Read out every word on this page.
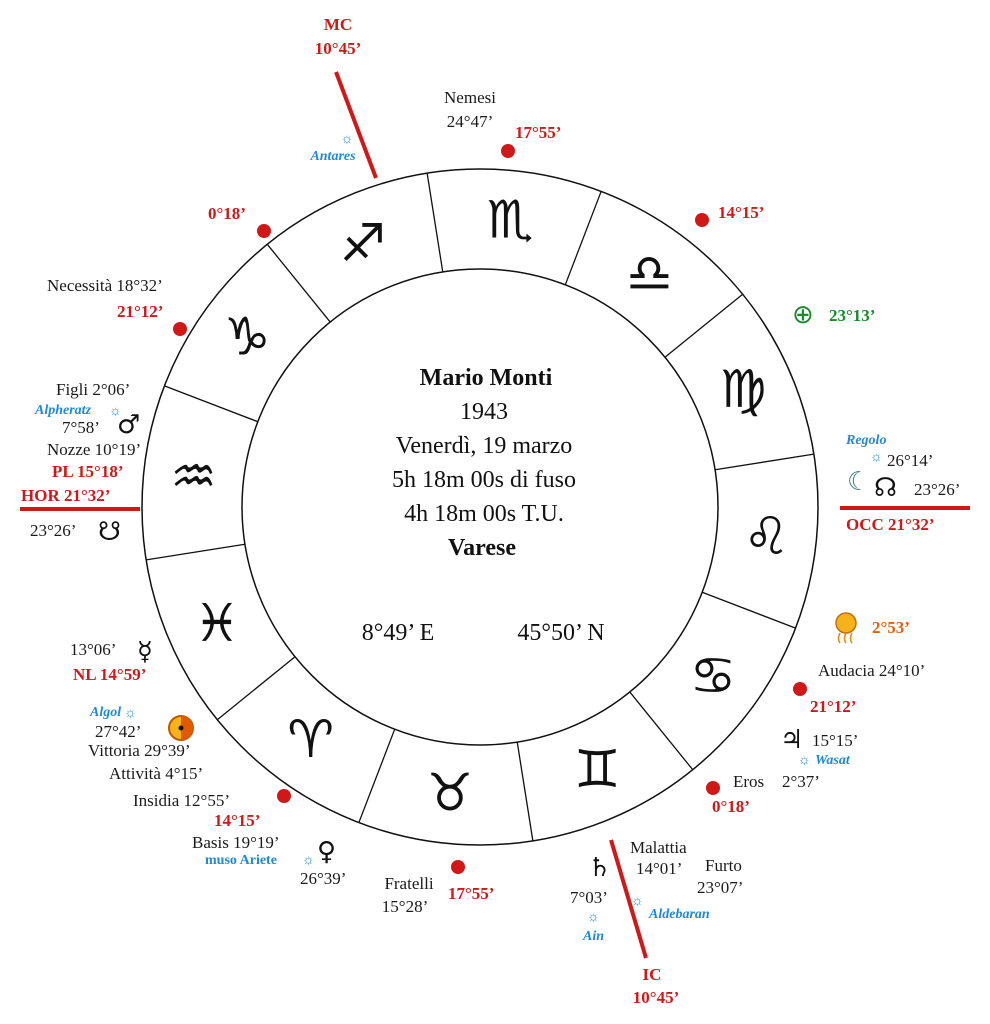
♏
♎
♍
♌
♋
♊
♉
♈
♓
♒
♑
♐
Mario Monti
1943
Venerdì, 19 marzo
5h 18m 00s di fuso
4h 18m 00s T.U.
Varese
8°49’ E	45°50’ N
MC
10°45’
IC
10°45’
HOR 21°32’
OCC 21°32’
17°55’
14°15’
0°18’
21°12’
21°12’
0°18’
14°15’
17°55’
Nemesi
24°47’
☼
Antares
Necessità 18°32’
Figli 2°06’
Alpheratz ☼
7°58’ ♂
Nozze 10°19’
PL 15°18’
23°26’ ☋
⊕ 23°13’
Regolo
☼ 26°14’
☾ ☊ 23°26’
2°53’
Audacia 24°10’
♃ 15°15’
☼ Wasat
Eros 2°37’
Malattia
14°01’ Furto
23°07’
♄
7°03’ ☼
Aldebaran
☼
Ain
Fratelli
15°28’
Basis 19°19’ ♀
muso Ariete ☼
26°39’
Insidia 12°55’
Attività 4°15’
Vittoria 29°39’
Algol ☼
27°42’
13°06’ ☿
NL 14°59’
